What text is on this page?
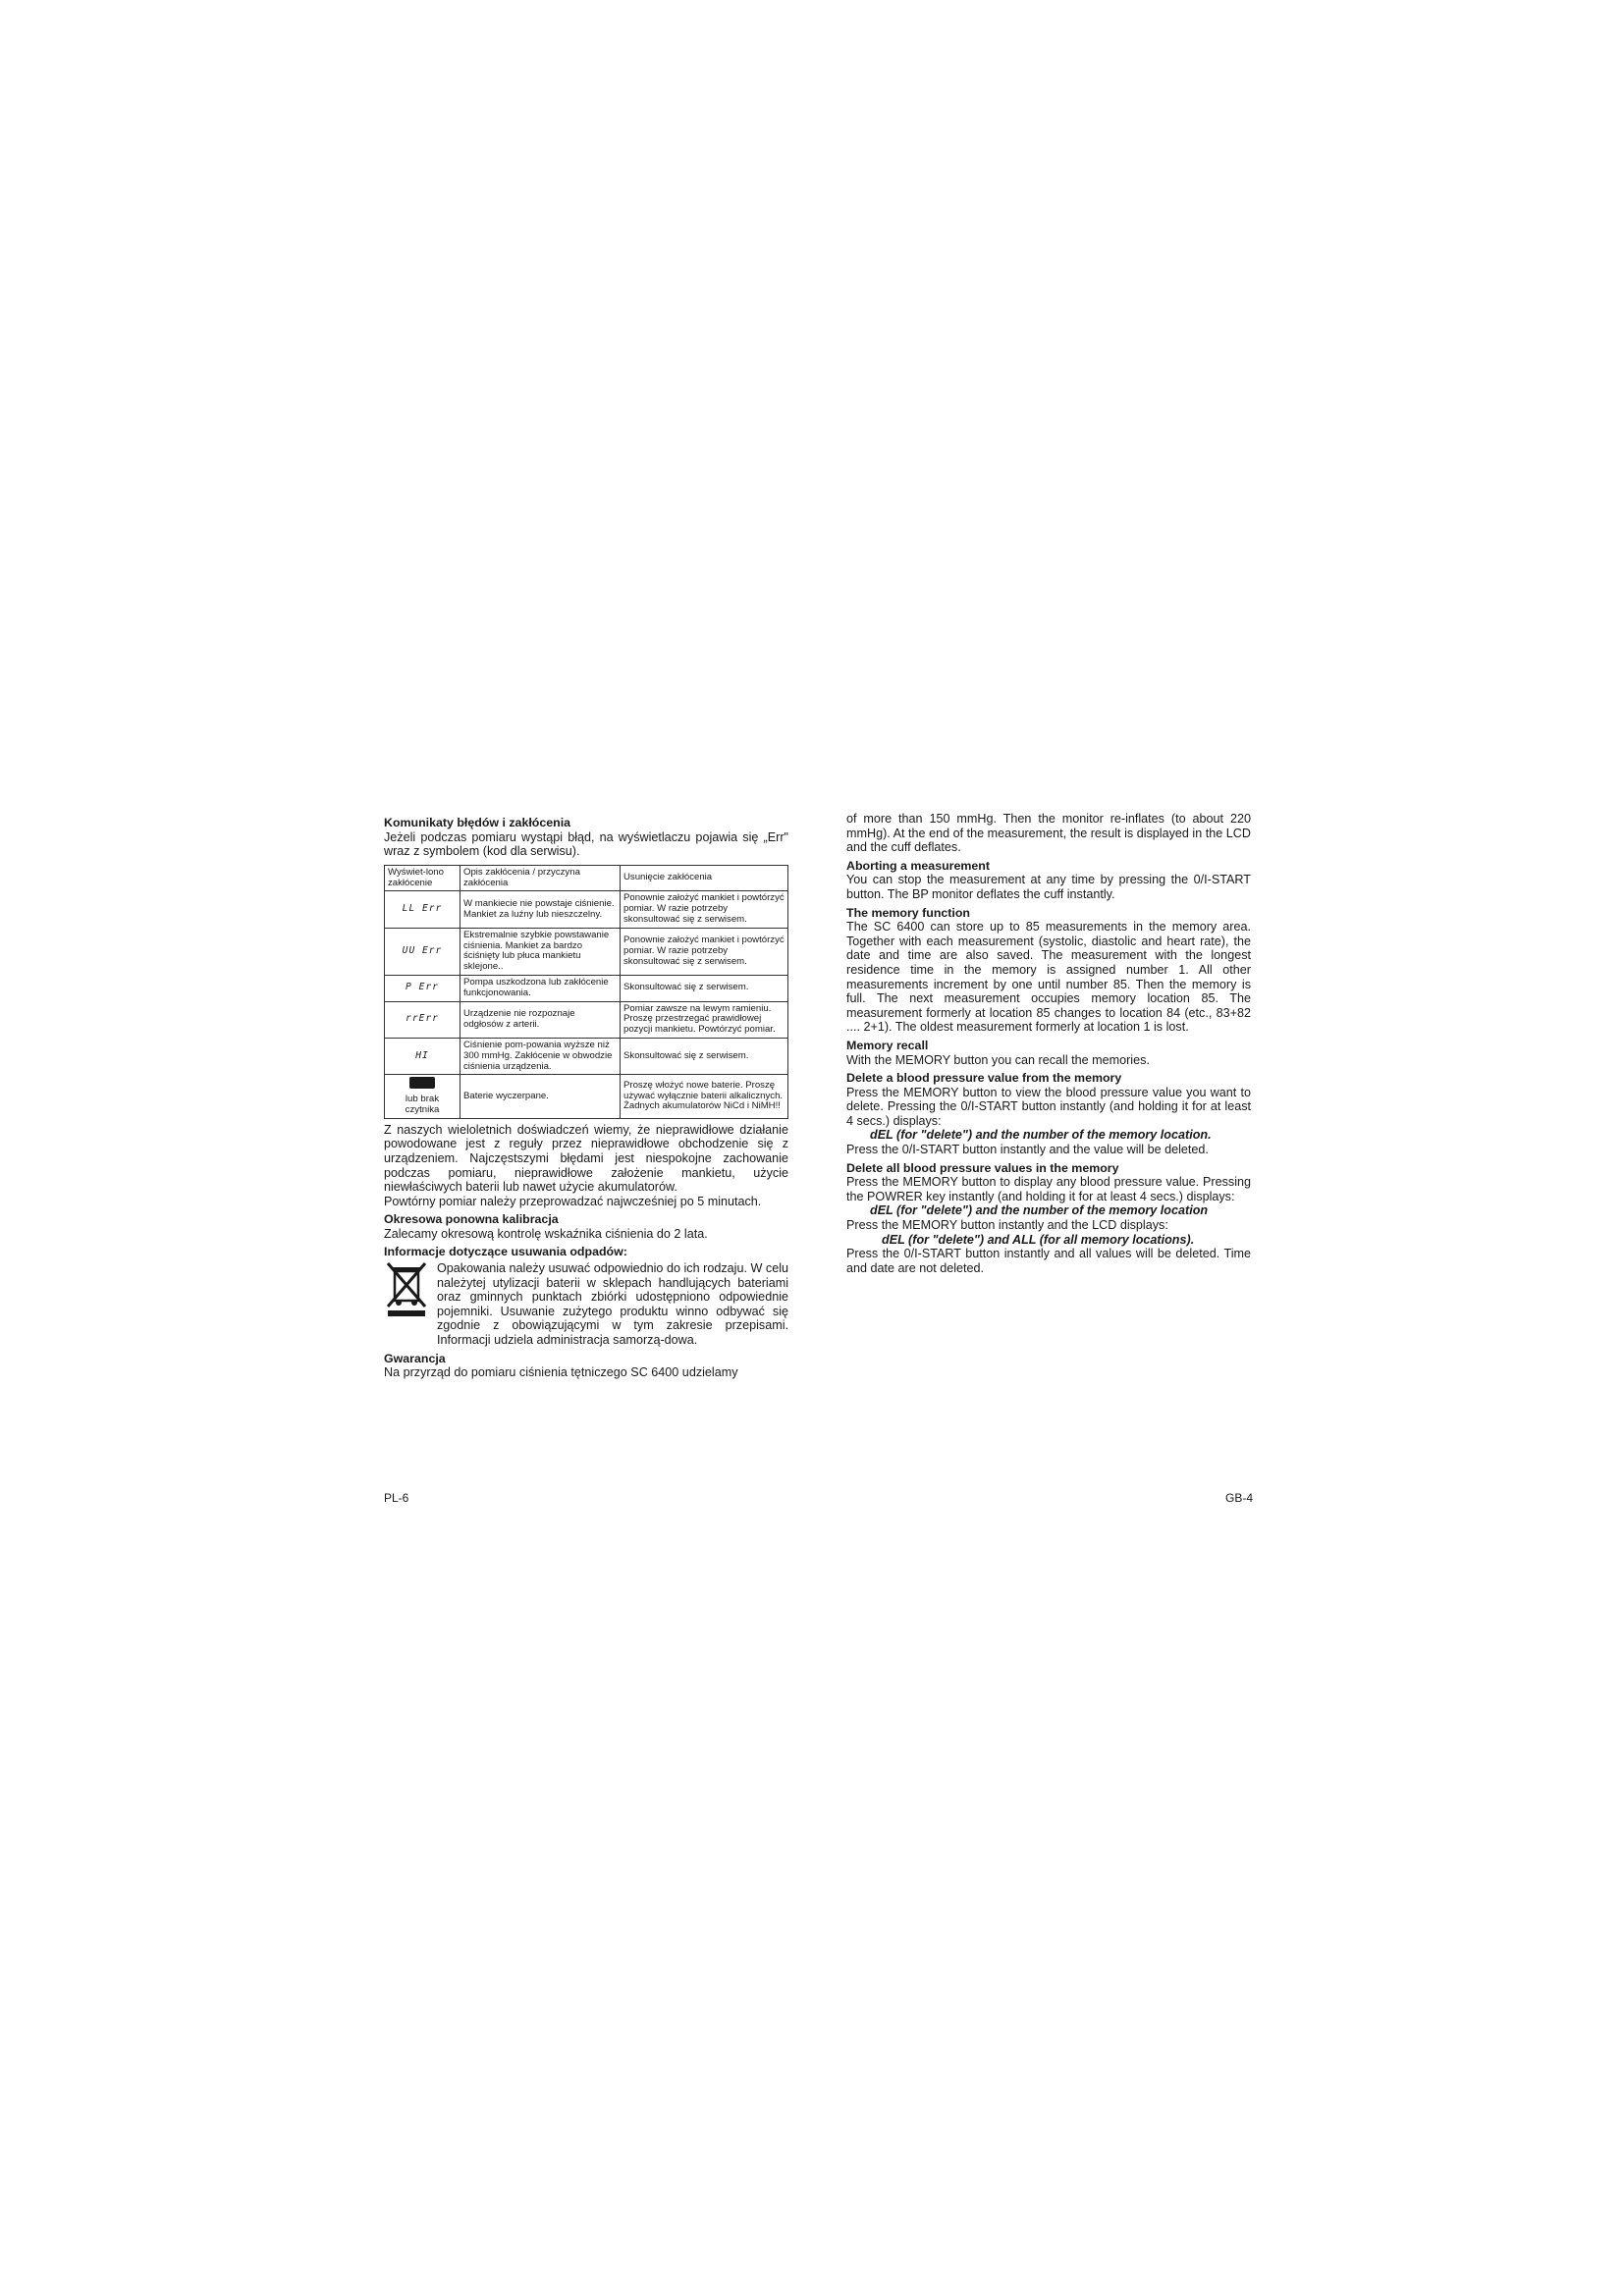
Komunikaty błędów i zakłócenia

Jeżeli podczas pomiaru wystąpi błąd, na wyświetlaczu pojawia się „Err" wraz z symbolem (kod dla serwisu).

Wyświet-lono zakłócenie	Opis zakłócenia / przyczyna zakłócenia	Usunięcie zakłócenia
LL Err	W mankiecie nie powstaje ciśnienie. Mankiet za luźny lub nieszczelny.	Ponownie założyć mankiet i powtórzyć pomiar. W razie potrzeby skonsultować się z serwisem.
UU Err	Ekstremalnie szybkie powstawanie ciśnienia. Mankiet za bardzo ściśnięty lub płuca mankietu sklejone..	Ponownie założyć mankiet i powtórzyć pomiar. W razie potrzeby skonsultować się z serwisem.
P Err	Pompa uszkodzona lub zakłócenie funkcjonowania.	Skonsultować się z serwisem.
rrErr	Urządzenie nie rozpoznaje odgłosów z arterii.	Pomiar zawsze na lewym ramieniu. Proszę przestrzegać prawidłowej pozycji mankietu. Powtórzyć pomiar.
HI	Ciśnienie pom-powania wyższe niż 300 mmHg. Zakłócenie w obwodzie ciśnienia urządzenia.	Skonsultować się z serwisem.

lub brak czytnika	Baterie wyczerpane.	Proszę włożyć nowe baterie. Proszę używać wyłącznie baterii alkalicznych. Żadnych akumulatorów NiCd i NiMH!!

Z naszych wieloletnich doświadczeń wiemy, że nieprawidłowe działanie powodowane jest z reguły przez nieprawidłowe obchodzenie się z urządzeniem. Najczęstszymi błędami jest niespokojne zachowanie podczas pomiaru, nieprawidłowe założenie mankietu, użycie niewłaściwych baterii lub nawet użycie akumulatorów.

Powtórny pomiar należy przeprowadzać najwcześniej po 5 minutach.

Okresowa ponowna kalibracja

Zalecamy okresową kontrolę wskaźnika ciśnienia do 2 lata.

Informacje dotyczące usuwania odpadów:
Opakowania należy usuwać odpowiednio do ich rodzaju. W celu należytej utylizacji baterii w sklepach handlujących bateriami oraz gminnych punktach zbiórki udostępniono odpowiednie pojemniki. Usuwanie zużytego produktu winno odbywać się zgodnie z obowiązującymi w tym zakresie przepisami. Informacji udziela administracja samorzą-dowa.
Gwarancja

Na przyrząd do pomiaru ciśnienia tętniczego SC 6400 udzielamy

of more than 150 mmHg. Then the monitor re-inflates (to about 220 mmHg). At the end of the measurement, the result is displayed in the LCD and the cuff deflates.

Aborting a measurement

You can stop the measurement at any time by pressing the 0/I-START button. The BP monitor deflates the cuff instantly.

The memory function

The SC 6400 can store up to 85 measurements in the memory area. Together with each measurement (systolic, diastolic and heart rate), the date and time are also saved. The measurement with the longest residence time in the memory is assigned number 1. All other measurements increment by one until number 85. Then the memory is full. The next measurement occupies memory location 85. The measurement formerly at location 85 changes to location 84 (etc., 83+82 .... 2+1). The oldest measurement formerly at location 1 is lost.

Memory recall

With the MEMORY button you can recall the memories.

Delete a blood pressure value from the memory

Press the MEMORY button to view the blood pressure value you want to delete. Pressing the 0/I-START button instantly (and holding it for at least 4 secs.) displays:

dEL (for "delete") and the number of the memory location.

Press the 0/I-START button instantly and the value will be deleted.

Delete all blood pressure values in the memory

Press the MEMORY button to display any blood pressure value. Pressing the POWRER key instantly (and holding it for at least 4 secs.) displays:

dEL (for "delete") and the number of the memory location

Press the MEMORY button instantly and the LCD displays:

dEL (for "delete") and ALL (for all memory locations).

Press the 0/I-START button instantly and all values will be deleted. Time and date are not deleted.

PL-6	GB-4
